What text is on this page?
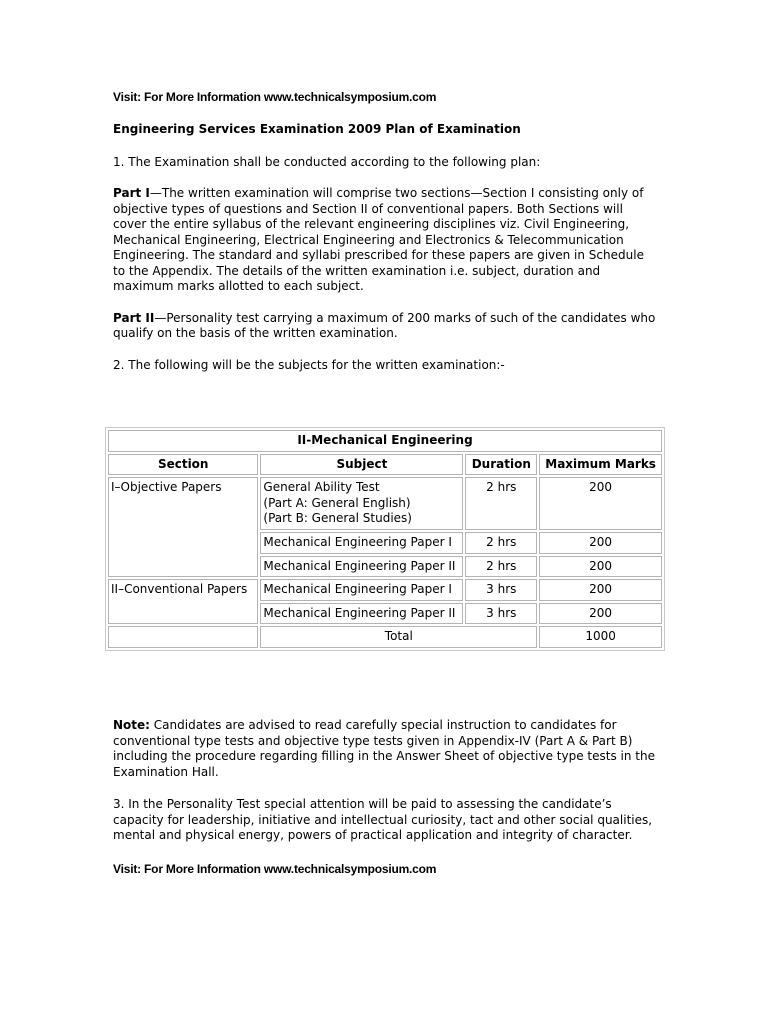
Visit: For More Information www.technicalsymposium.com

Engineering Services Examination 2009 Plan of Examination

1. The Examination shall be conducted according to the following plan:

Part I—The written examination will comprise two sections—Section I consisting only of objective types of questions and Section II of conventional papers. Both Sections will cover the entire syllabus of the relevant engineering disciplines viz. Civil Engineering, Mechanical Engineering, Electrical Engineering and Electronics & Telecommunication Engineering. The standard and syllabi prescribed for these papers are given in Schedule to the Appendix. The details of the written examination i.e. subject, duration and maximum marks allotted to each subject.

Part II—Personality test carrying a maximum of 200 marks of such of the candidates who qualify on the basis of the written examination.

2. The following will be the subjects for the written examination:-

II-Mechanical Engineering			
Section	Subject	Duration	Maximum Marks
I–Objective Papers	General Ability Test
(Part A: General English)
(Part B: General Studies)	2 hrs	200
	Mechanical Engineering Paper I	2 hrs	200
	Mechanical Engineering Paper II	2 hrs	200
II–Conventional Papers	Mechanical Engineering Paper I	3 hrs	200
	Mechanical Engineering Paper II	3 hrs	200
	Total		1000

Note: Candidates are advised to read carefully special instruction to candidates for conventional type tests and objective type tests given in Appendix-IV (Part A & Part B) including the procedure regarding filling in the Answer Sheet of objective type tests in the Examination Hall.

3. In the Personality Test special attention will be paid to assessing the candidate’s capacity for leadership, initiative and intellectual curiosity, tact and other social qualities, mental and physical energy, powers of practical application and integrity of character.

Visit: For More Information www.technicalsymposium.com
